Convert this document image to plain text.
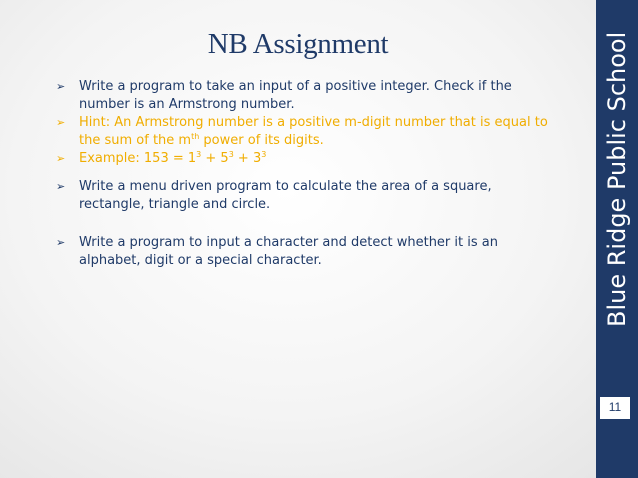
NB Assignment

➢ Write a program to take an input of a positive integer. Check if the number is an Armstrong number.

➢ Hint: An Armstrong number is a positive m-digit number that is equal to the sum of the $m^{th}$ power of its digits.

➢ Example: $153 = 1^3 + 5^3 + 3^3$

➢ Write a menu driven program to calculate the area of a square, rectangle, triangle and circle.

➢ Write a program to input a character and detect whether it is an alphabet, digit or a special character.	Blue Ridge Public School
11
